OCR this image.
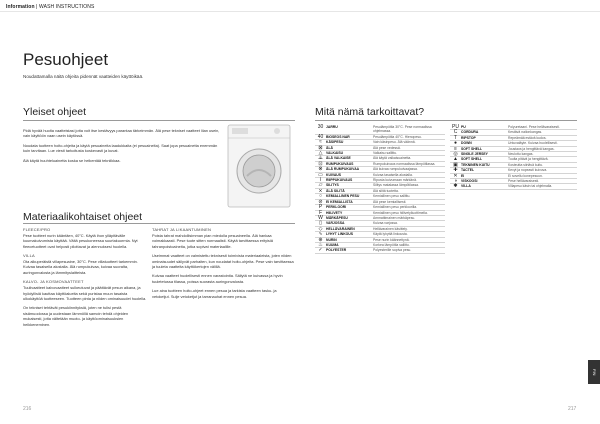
Information | WASH INSTRUCTIONS
Pesuohjeet
Noudattamalla näitä ohjeita pidennät vaatteiden käyttöikää.
Yleiset ohjeet

Pidä hyvää huolta vaatteistasi jotta voit itse kestävyys parantaa tärkeimmän. Älä pese tekniset vaatteet liian usein, vain käyttöön vaan usein käytössä.

Noudata tuotteen hoito-ohjeita ja käytä pesuaineita laadukkaita (ei pesuainelta). Saat jopa pesuainetta enemmän kuin tarvitaan. Lue viesti tarkoitusta koskevasti ja kuvat.

Älä käytä huuhteluainetta koska se heikentää tekniikkaa.

Materiaalikohtaiset ohjeet
FLEECE/PRO

Pese tuotteet nurin kääntäen, 40°C. Käytä ihon ylläpitävälle kuumakuivumista käyttää. Vältä pesukoneessa suurtakuormia. Nyt fleecetuotteet ovat helposti pilottavat ja alennuksesi huolella.

VILLA

Ota alkuperäistä villapesuaine, 30°C. Pese villatuotteet tarkemmin. Kuivaa tasaisella alustalla. Älä rumpukuivaa, kuivaa suoralta, auringonvalosta ja lämmityslaitteista.

KALVO- JA KOSMOVAATTEET

Tuulivaatteet kalvovaatteet sulkeutuvat ja päättävät pesun aikana, ja hyödyllisiä kauttaa käyttöalueita sekä puristaa muun tasaista ulkokäyttöä tuotteeseen. Tuotteen pinta ja niiden ominaisuudet huolella.

On tekniset tehtävät pesukiinnityksiä, joten ne tulisi pestä sisämuodossa ja uudestaan lämmöllä samoin tehdä ohjeiden mukaisesti, jotta vältetään muoto- ja käyttöominaisuuksien heikkeneminen.

TAHRAT JA LIKAANTUMINEN

Poista tahrat mahdollisimman pian miedolla pesuaineella. Älä hankaa voimakkaasti. Pese tuote sitten normaalisti. Käytä tarvittaessa erityisiä tahranpoistoaineita, jotka sopivat materiaalille.

Useimmat vaatteet on valmistettu teknisesti toimivista materiaaleista, joten niiden ominaisuudet säilyvät parhaiten, kun noudatat hoito-ohjeita. Pese vain tarvittaessa ja tuuleta vaatteita käyttökertojen välillä.

Kuivaa vaatteet huolellisesti ennen varastointia. Säilytä ne kuivassa ja hyvin tuuletetussa tilassa, poissa suorasta auringonvalosta.

Lue aina tuotteen hoito-ohjeet ennen pesua ja tarkista vaatteen tasku- ja vetoketjut. Sulje vetoketjut ja tarranauhat ennen pesua.

216
Mitä nämä tarkoittavat?
30 JARRU	Pesulämpötila 30°C. Pese normaalissa ohjelmassa.
40 BIOSEOS NAR	Pesulämpötila 40°C. Hienopesu.
≈	KÄSIPESU	Vain käsinpesu. Älä väännä.
⊠	ÄLÄ	Älä pese vedessä.
△	VALKAISU	Valkaisu sallittu.
⨻ ÄLÄ VALKAISE	Älä käytä valkaisuainetta.
⊡	RUMPUKUIVAUS	Rumpukuivaus normaalissa lämpötilassa.
⊗	ÄLÄ RUMPUKUIVAA	Älä kuivaa rumpukuivaajassa.
▭ KUIVAUS	Kuivaa tasaisella alustalla.
⌇	RIIPPUKUIVAUS	Ripusta kuivumaan märkänä.
⏥	SILITYS	Silitys matalassa lämpötilassa.
⨯	ÄLÄ SILITÄ	Älä silitä tuotetta.
○	KEMIALLINEN PESU	Kemiallinen pesu sallittu.
⊘	EI KEMIALLISTA	Älä pese kemiallisesti.
P	PERKLOORI	Kemiallinen pesu perkloorilla.
F	HIILIVETY	Kemiallinen pesu hiilivetyliuottimella.
W MÄRKÄPESU	Ammattimainen märkäpesu.
▯	VARJOSSA	Kuivaa varjossa.
◇	HELLÄVARAINEN	Hellävarainen käsittely.
∿	LYHYT LINKOUS	Käytä lyhyttä linkousta.
⊕	NURIN	Pese nurin käännettynä.
♨ KUUMA	Korkea lämpötila sallittu.
✓	POLYESTER	Polyesterille sopiva pesu.
PU PU	Polyuretaani. Pese hellävaraisesti.
C	CORDURA	Kestävä nailonkangas.
T	RIPSTOP	Repeämää estävä kudos.
●	DOWN	Untuvatäyte. Kuivaa huolellisesti.
≡	SOFT SHELL	Joustava ja hengittävä kangas.
◎ SINGLE JERSEY	Neulottu kangas.
▲ SOFT SHELL	Tuulta pitävä ja hengittävä.
▣ TEKNINEN KUITU	Kosteutta siirtävä kuitu.
✚	TACTEL	Kevyt ja nopeasti kuivuva.
✕	EI	Ei sovellu konepesuun.
◑	VISKOOSI	Pese hellävaraisesti.
✱	VILLA	Villapesu käsin tai ohjelmalla.
217
FIN
